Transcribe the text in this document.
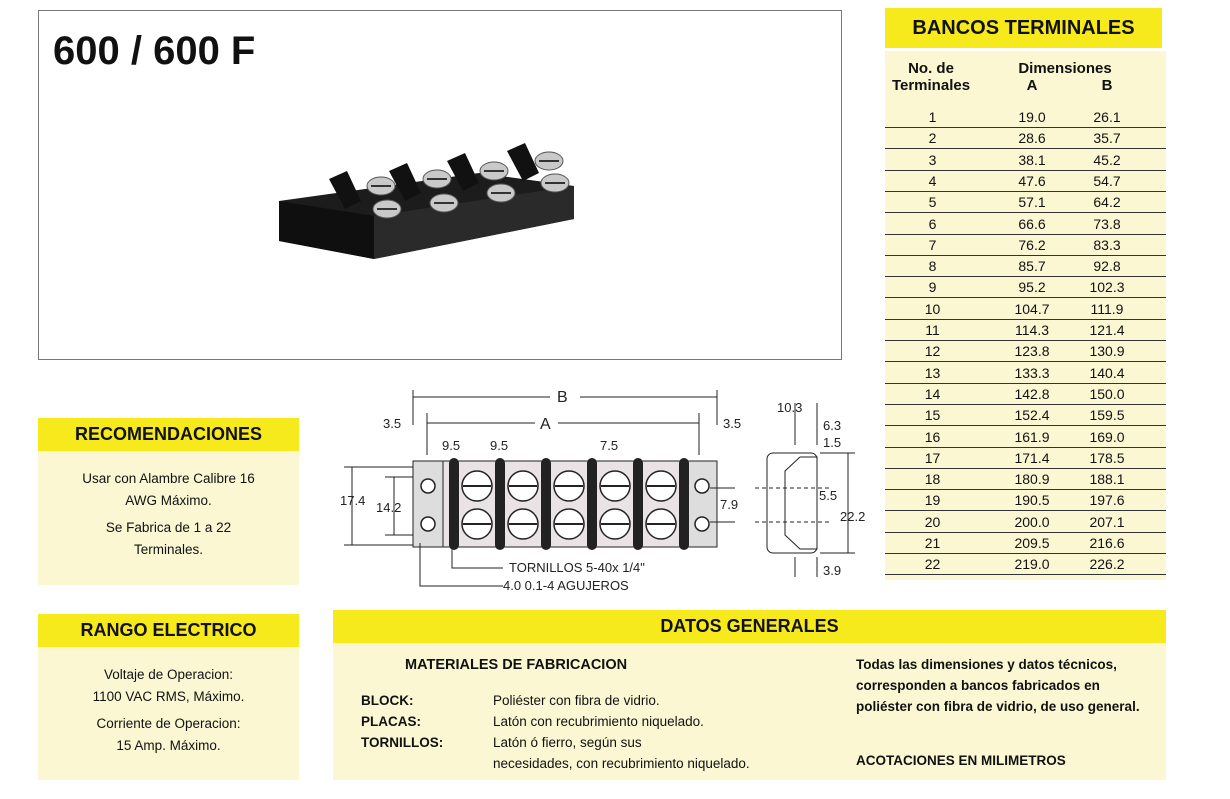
600 / 600 F
BANCOS TERMINALES
No. de
Terminales
Dimensiones
A	B
1	19.0	26.1
2	28.6	35.7
3	38.1	45.2
4	47.6	54.7
5	57.1	64.2
6	66.6	73.8
7	76.2	83.3
8	85.7	92.8
9	95.2	102.3
10	104.7	111.9
11	114.3	121.4
12	123.8	130.9
13	133.3	140.4
14	142.8	150.0
15	152.4	159.5
16	161.9	169.0
17	171.4	178.5
18	180.9	188.1
19	190.5	197.6
20	200.0	207.1
21	209.5	216.6
22	219.0	226.2
B
A
3.5	3.5
9.5 9.5	7.5
17.4 14.2	7.9
TORNILLOS 5-40x 1/4"
4.0 0.1-4 AGUJEROS
10.3
6.3
1.5
5.5
22.2
3.9
RECOMENDACIONES
Usar con Alambre Calibre 16
AWG Máximo.
Se Fabrica de 1 a 22
Terminales.
RANGO ELECTRICO
Voltaje de Operacion:
1100 VAC RMS, Máximo.
Corriente de Operacion:
15 Amp. Máximo.
DATOS GENERALES
MATERIALES DE FABRICACION
BLOCK:	Poliéster con fibra de vidrio.
PLACAS:	Latón con recubrimiento niquelado.
TORNILLOS:	Latón ó fierro, según sus
necesidades, con recubrimiento niquelado.
Todas las dimensiones y datos técnicos,
corresponden a bancos fabricados en
poliéster con fibra de vidrio, de uso general.
ACOTACIONES EN MILIMETROS
